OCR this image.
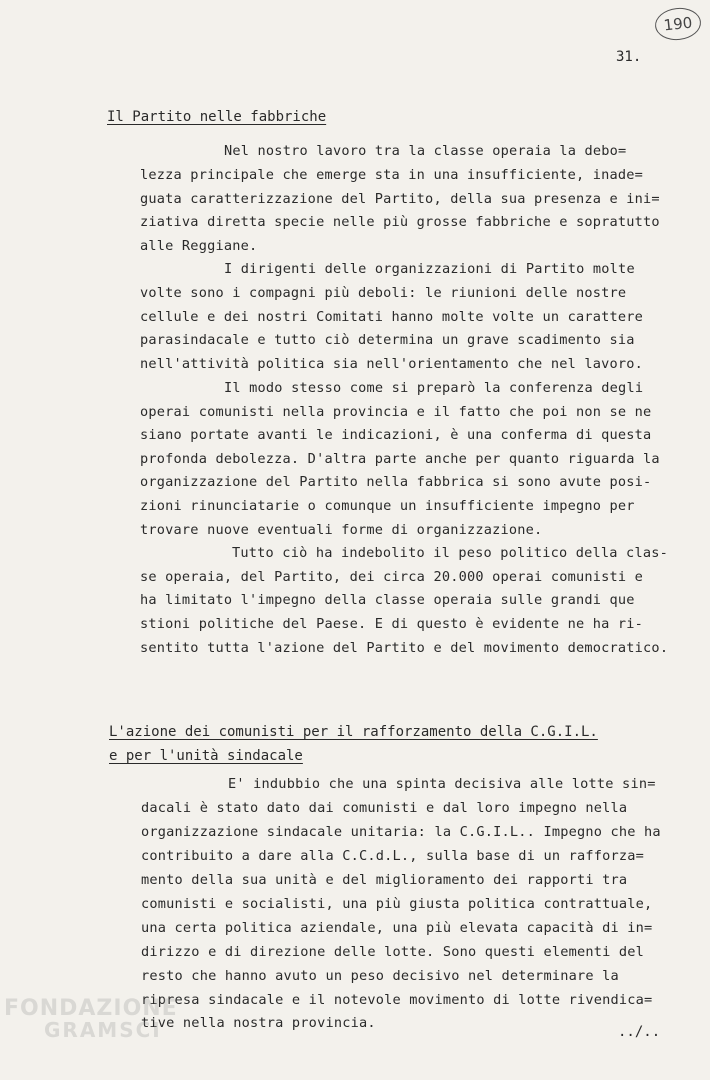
190
31.
Il Partito nelle fabbriche
Nel nostro lavoro tra la classe operaia la debo=
lezza principale che emerge sta in una insufficiente, inade=
guata caratterizzazione del Partito, della sua presenza e ini=
ziativa diretta specie nelle più grosse fabbriche e sopratutto
alle Reggiane.
I dirigenti delle organizzazioni di Partito molte
volte sono i compagni più deboli: le riunioni delle nostre
cellule e dei nostri Comitati hanno molte volte un carattere
parasindacale e tutto ciò determina un grave scadimento sia
nell'attività politica sia nell'orientamento che nel lavoro.
Il modo stesso come si preparò la conferenza degli
operai comunisti nella provincia e il fatto che poi non se ne
siano portate avanti le indicazioni, è una conferma di questa
profonda debolezza. D'altra parte anche per quanto riguarda la
organizzazione del Partito nella fabbrica si sono avute posi-
zioni rinunciatarie o comunque un insufficiente impegno per
trovare nuove eventuali forme di organizzazione.
Tutto ciò ha indebolito il peso politico della clas-
se operaia, del Partito, dei circa 20.000 operai comunisti e
ha limitato l'impegno della classe operaia sulle grandi que
stioni politiche del Paese. E di questo è evidente ne ha ri-
sentito tutta l'azione del Partito e del movimento democratico.
L'azione dei comunisti per il rafforzamento della C.G.I.L.
e per l'unità sindacale
E' indubbio che una spinta decisiva alle lotte sin=
dacali è stato dato dai comunisti e dal loro impegno nella
organizzazione sindacale unitaria: la C.G.I.L.. Impegno che ha
contribuito a dare alla C.C.d.L., sulla base di un rafforza=
mento della sua unità e del miglioramento dei rapporti tra
comunisti e socialisti, una più giusta politica contrattuale,
una certa politica aziendale, una più elevata capacità di in=
dirizzo e di direzione delle lotte. Sono questi elementi del
resto che hanno avuto un peso decisivo nel determinare la
ripresa sindacale e il notevole movimento di lotte rivendica=
tive nella nostra provincia.
../..
FONDAZIONE
GRAMSCI
